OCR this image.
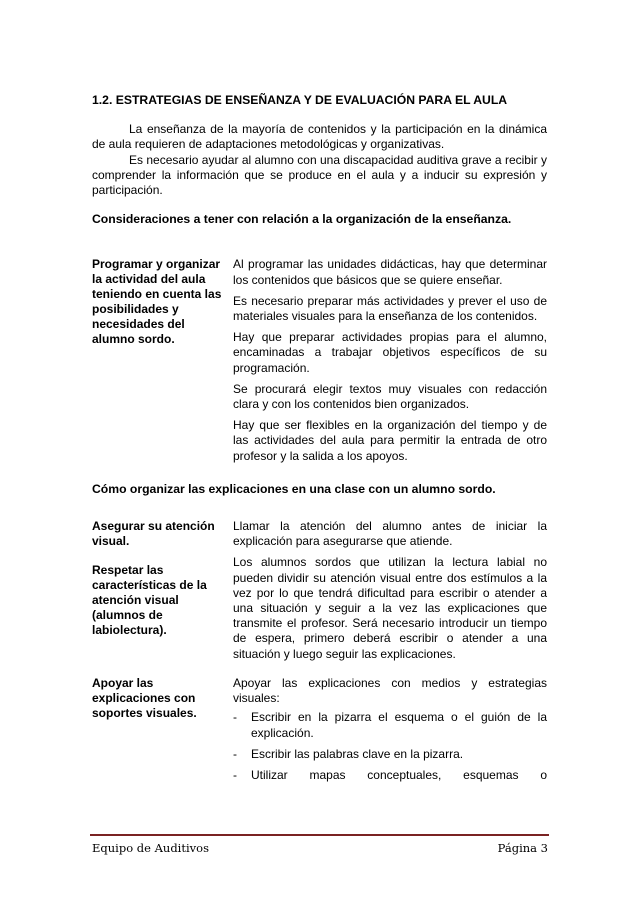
1.2. ESTRATEGIAS DE ENSEÑANZA Y DE EVALUACIÓN PARA EL AULA

La enseñanza de la mayoría de contenidos y la participación en la dinámica de aula requieren de adaptaciones metodológicas y organizativas.

Es necesario ayudar al alumno con una discapacidad auditiva grave a recibir y comprender la información que se produce en el aula y a inducir su expresión y participación.

Consideraciones a tener con relación a la organización de la enseñanza.
Programar y organizar la actividad del aula teniendo en cuenta las posibilidades y necesidades del alumno sordo.

Al programar las unidades didácticas, hay que determinar los contenidos que básicos que se quiere enseñar.

Es necesario preparar más actividades y prever el uso de materiales visuales para la enseñanza de los contenidos.

Hay que preparar actividades propias para el alumno, encaminadas a trabajar objetivos específicos de su programación.

Se procurará elegir textos muy visuales con redacción clara y con los contenidos bien organizados.

Hay que ser flexibles en la organización del tiempo y de las actividades del aula para permitir la entrada de otro profesor y la salida a los apoyos.

Cómo organizar las explicaciones en una clase con un alumno sordo.
Asegurar su atención visual.
Respetar las características de la atención visual (alumnos de labiolectura).

Llamar la atención del alumno antes de iniciar la explicación para asegurarse que atiende.

Los alumnos sordos que utilizan la lectura labial no pueden dividir su atención visual entre dos estímulos a la vez por lo que tendrá dificultad para escribir o atender a una situación y seguir a la vez las explicaciones que transmite el profesor. Será necesario introducir un tiempo de espera, primero deberá escribir o atender a una situación y luego seguir las explicaciones.

Apoyar las explicaciones con soportes visuales.

Apoyar las explicaciones con medios y estrategias visuales:

- Escribir en la pizarra el esquema o el guión de la explicación.
- Escribir las palabras clave en la pizarra.
- Utilizar mapas conceptuales, esquemas o
Equipo de Auditivos	Página 3
